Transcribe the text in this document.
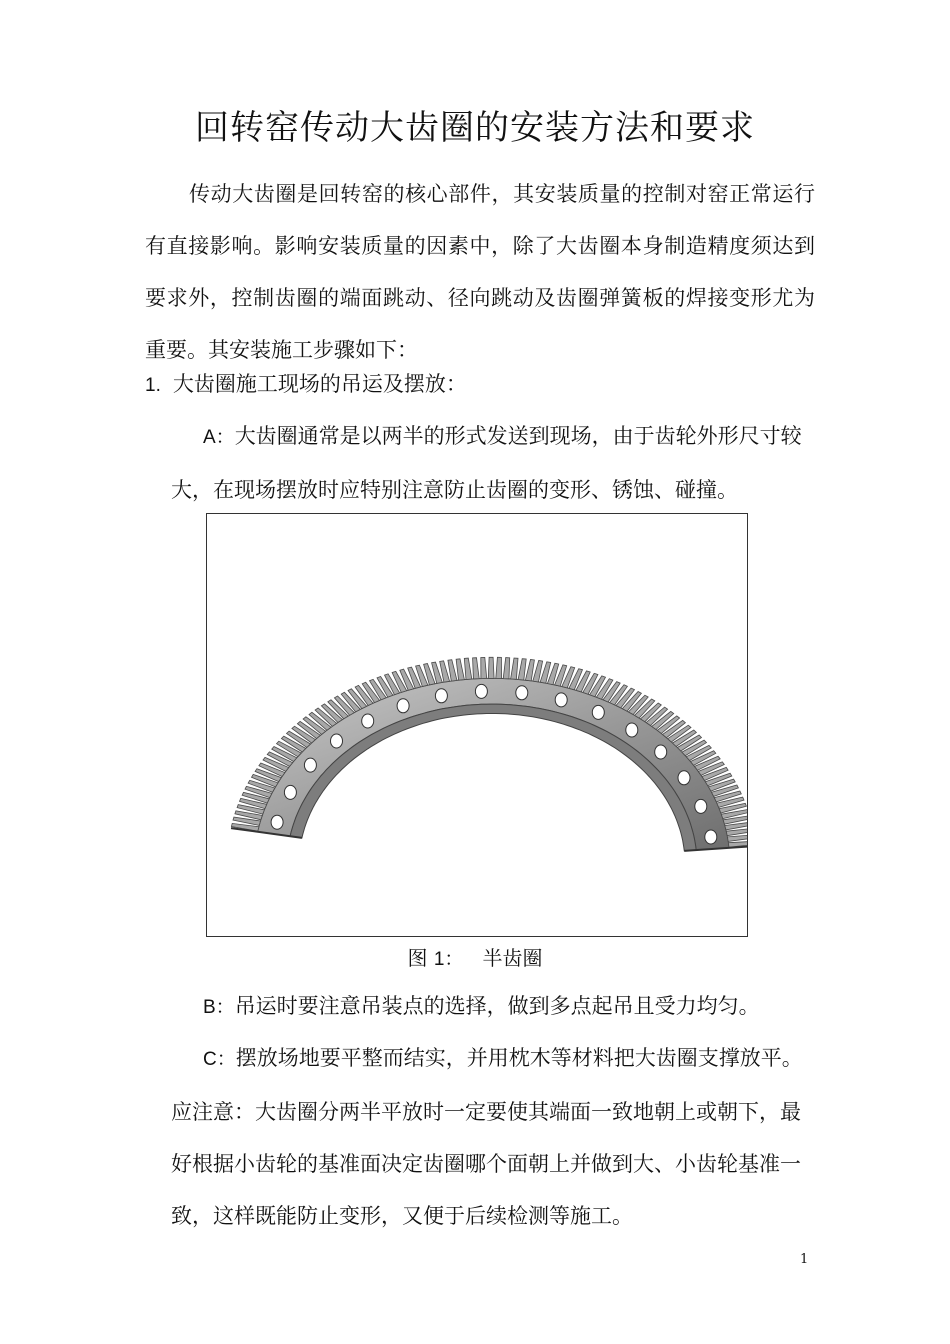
回转窑传动大齿圈的安装方法和要求

传动大齿圈是回转窑的核心部件，其安装质量的控制对窑正常运行有直接影响。影响安装质量的因素中，除了大齿圈本身制造精度须达到要求外，控制齿圈的端面跳动、径向跳动及齿圈弹簧板的焊接变形尤为重要。其安装施工步骤如下：

1. 大齿圈施工现场的吊运及摆放：

A：大齿圈通常是以两半的形式发送到现场，由于齿轮外形尺寸较大，在现场摆放时应特别注意防止齿圈的变形、锈蚀、碰撞。

图 1： 半齿圈

B：吊运时要注意吊装点的选择，做到多点起吊且受力均匀。

C：摆放场地要平整而结实，并用枕木等材料把大齿圈支撑放平。应注意：大齿圈分两半平放时一定要使其端面一致地朝上或朝下，最好根据小齿轮的基准面决定齿圈哪个面朝上并做到大、小齿轮基准一致，这样既能防止变形，又便于后续检测等施工。

1
